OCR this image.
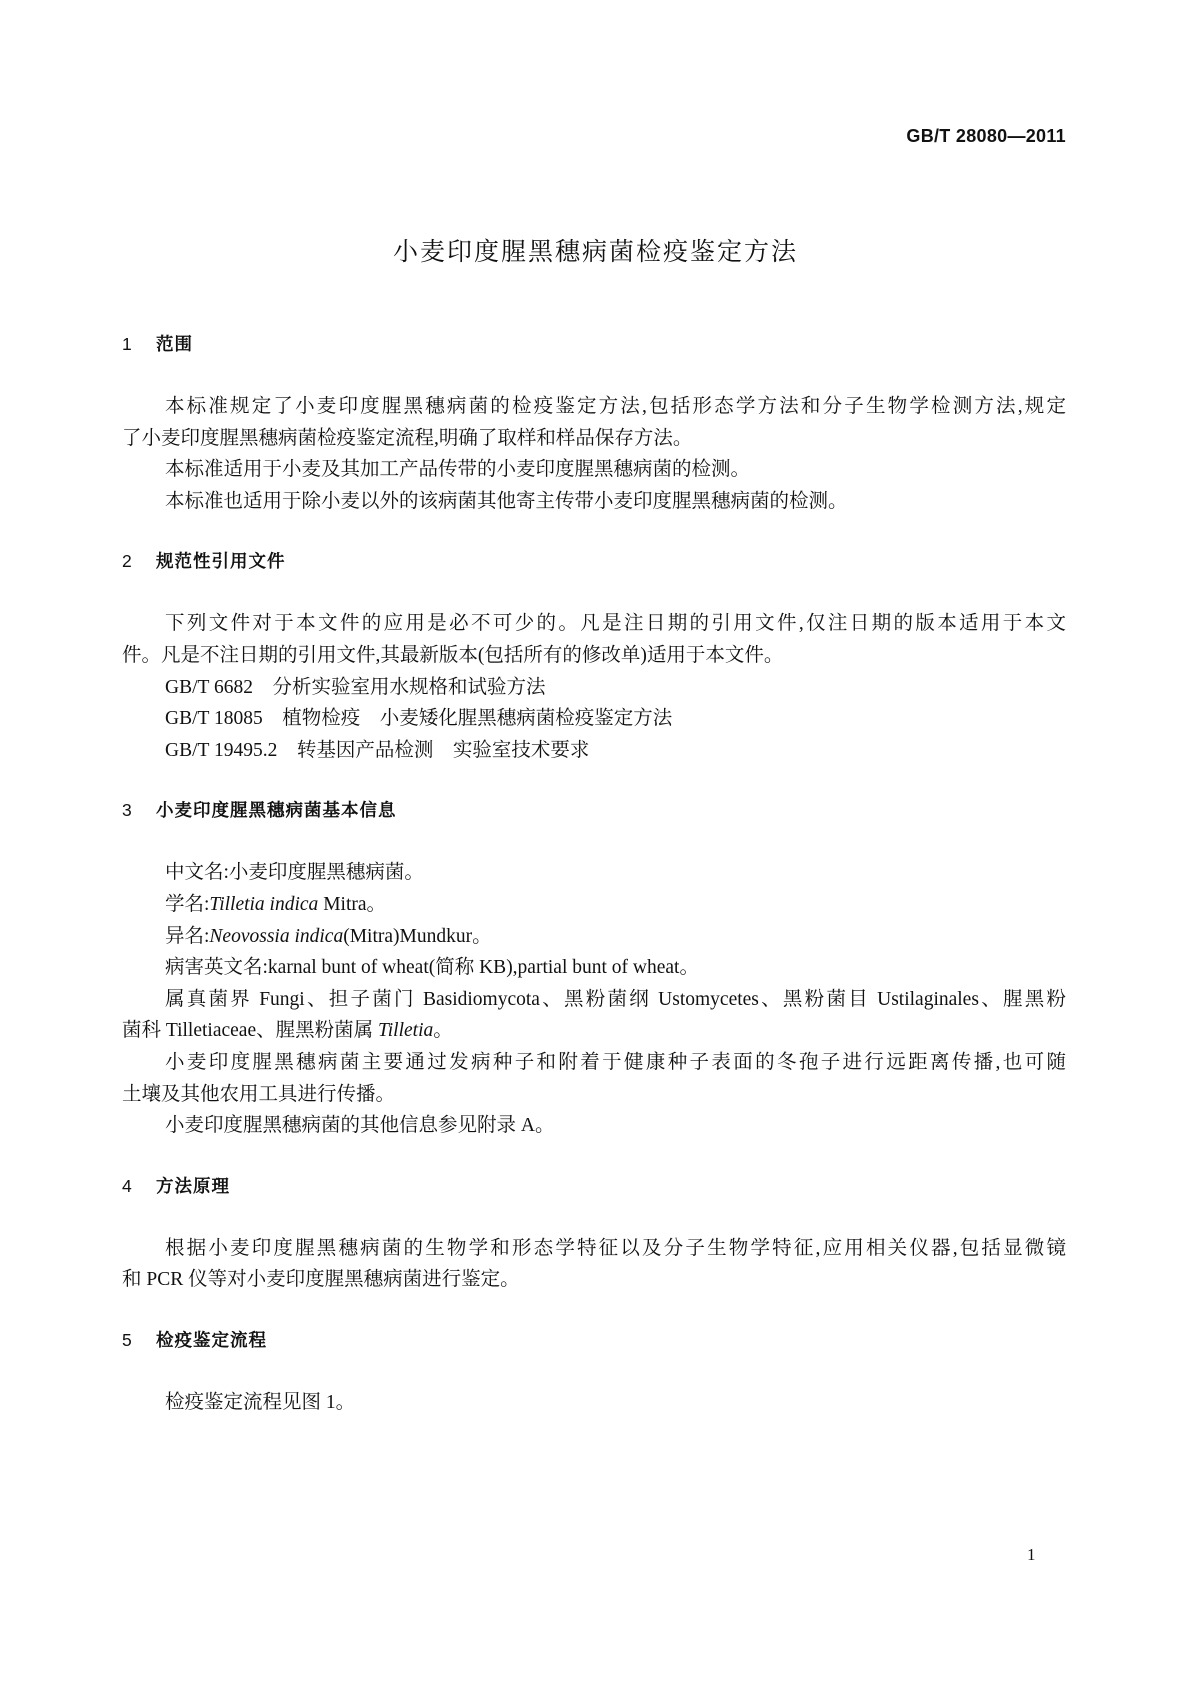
GB/T 28080—2011
小麦印度腥黑穗病菌检疫鉴定方法
1 范围
本标准规定了小麦印度腥黑穗病菌的检疫鉴定方法,包括形态学方法和分子生物学检测方法,规定
了小麦印度腥黑穗病菌检疫鉴定流程,明确了取样和样品保存方法。
本标准适用于小麦及其加工产品传带的小麦印度腥黑穗病菌的检测。
本标准也适用于除小麦以外的该病菌其他寄主传带小麦印度腥黑穗病菌的检测。
2 规范性引用文件
下列文件对于本文件的应用是必不可少的。凡是注日期的引用文件,仅注日期的版本适用于本文
件。凡是不注日期的引用文件,其最新版本(包括所有的修改单)适用于本文件。
GB/T 6682　分析实验室用水规格和试验方法
GB/T 18085　植物检疫　小麦矮化腥黑穗病菌检疫鉴定方法
GB/T 19495.2　转基因产品检测　实验室技术要求
3 小麦印度腥黑穗病菌基本信息
中文名:小麦印度腥黑穗病菌。
学名:Tilletia indica Mitra。
异名:Neovossia indica(Mitra)Mundkur。
病害英文名:karnal bunt of wheat(简称 KB),partial bunt of wheat。
属真菌界 Fungi、担子菌门 Basidiomycota、黑粉菌纲 Ustomycetes、黑粉菌目 Ustilaginales、腥黑粉
菌科 Tilletiaceae、腥黑粉菌属 Tilletia。
小麦印度腥黑穗病菌主要通过发病种子和附着于健康种子表面的冬孢子进行远距离传播,也可随
土壤及其他农用工具进行传播。
小麦印度腥黑穗病菌的其他信息参见附录 A。
4 方法原理
根据小麦印度腥黑穗病菌的生物学和形态学特征以及分子生物学特征,应用相关仪器,包括显微镜
和 PCR 仪等对小麦印度腥黑穗病菌进行鉴定。
5 检疫鉴定流程
检疫鉴定流程见图 1。
1
